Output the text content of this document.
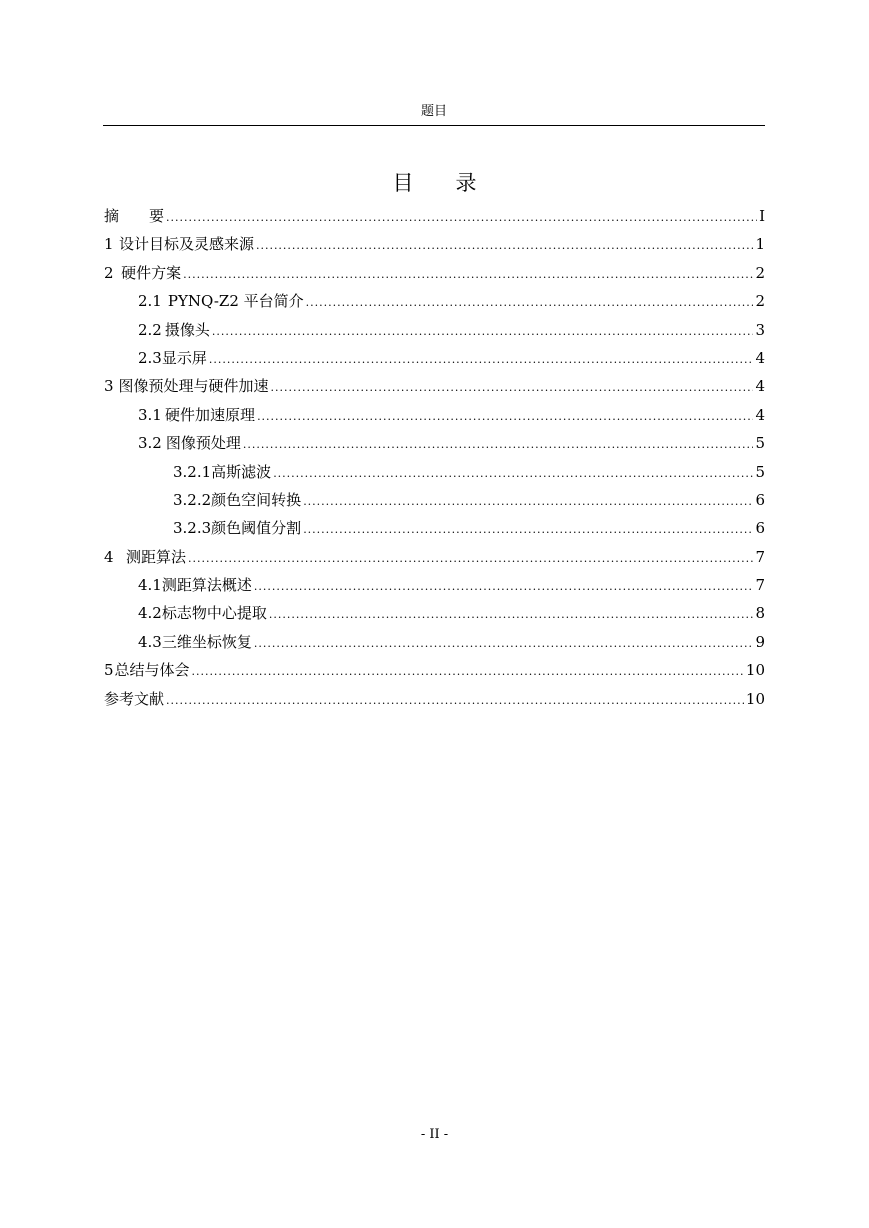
题目
目　　录
摘　　要 .....	I
1 设计目标及灵感来源 .....	1
2 硬件方案 .....	2
2.1 PYNQ-Z2 平台简介 .....	2
2.2 摄像头 .....	3
2.3 显示屏 .....	4
3 图像预处理与硬件加速 .....	4
3.1 硬件加速原理 .....	4
3.2 图像预处理 .....	5
3.2.1 高斯滤波 .....	5
3.2.2 颜色空间转换 .....	6
3.2.3 颜色阈值分割 .....	6
4 测距算法 .....	7
4.1 测距算法概述 .....	7
4.2 标志物中心提取 .....	8
4.3 三维坐标恢复 .....	9
5 总结与体会 .....	10
参考文献 .....	10
- II -
